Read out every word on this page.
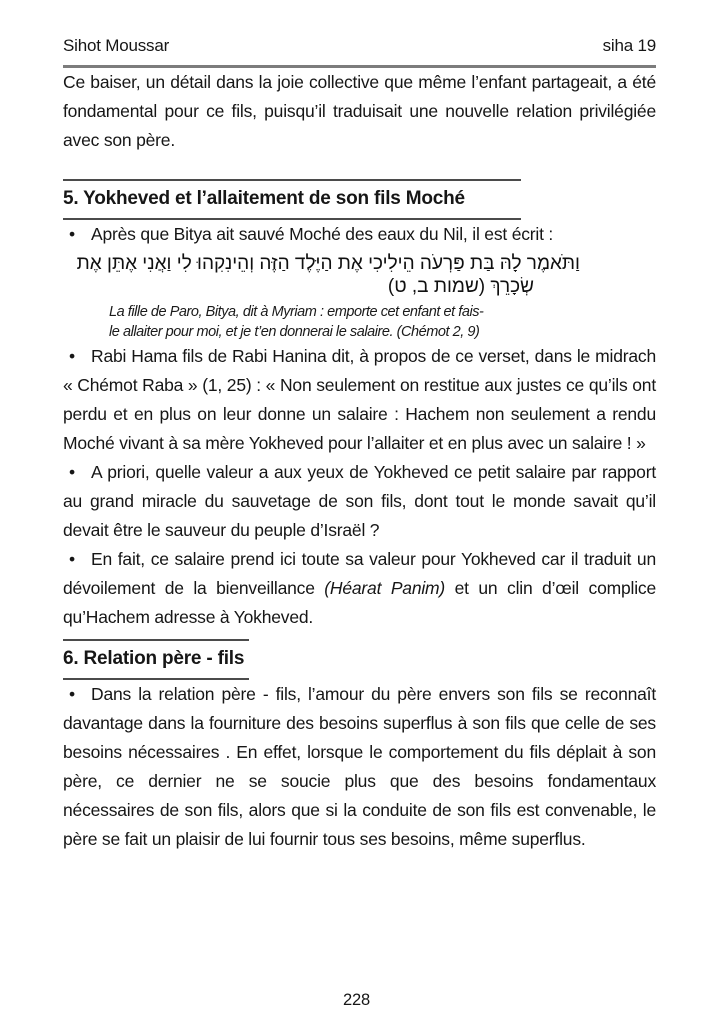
Sihot Moussar	siha 19

Ce baiser, un détail dans la joie collective que même l’enfant partageait, a été fondamental pour ce fils, puisqu’il traduisait une nouvelle relation privilégiée avec son père.

5. Yokheved et l’allaitement de son fils Moché

• Après que Bitya ait sauvé Moché des eaux du Nil, il est écrit :

וַתֹּאמֶר לָהּ בַּת פַּרְעֹה הֵילִיכִי אֶת הַיֶּלֶד הַזֶּה וְהֵינִקִהוּ לִי וַאֲנִי אֶתֵּן אֶת
שְׂכָרֵךְ (שמות ב, ט)
La fille de Paro, Bitya, dit à Myriam : emporte cet enfant et fais-
le allaiter pour moi, et je t’en donnerai le salaire. (Chémot 2, 9)

• Rabi Hama fils de Rabi Hanina dit, à propos de ce verset, dans le midrach « Chémot Raba » (1, 25) : « Non seulement on restitue aux justes ce qu’ils ont perdu et en plus on leur donne un salaire : Hachem non seulement a rendu Moché vivant à sa mère Yokheved pour l’allaiter et en plus avec un salaire ! »

• A priori, quelle valeur a aux yeux de Yokheved ce petit salaire par rapport au grand miracle du sauvetage de son fils, dont tout le monde savait qu’il devait être le sauveur du peuple d’Israël ?

• En fait, ce salaire prend ici toute sa valeur pour Yokheved car il traduit un dévoilement de la bienveillance (Héarat Panim) et un clin d’œil complice qu’Hachem adresse à Yokheved.

6. Relation père - fils

• Dans la relation père - fils, l’amour du père envers son fils se reconnaît davantage dans la fourniture des besoins superflus à son fils que celle de ses besoins nécessaires . En effet, lorsque le comportement du fils déplait à son père, ce dernier ne se soucie plus que des besoins fondamentaux nécessaires de son fils, alors que si la conduite de son fils est convenable, le père se fait un plaisir de lui fournir tous ses besoins, même superflus.

228
